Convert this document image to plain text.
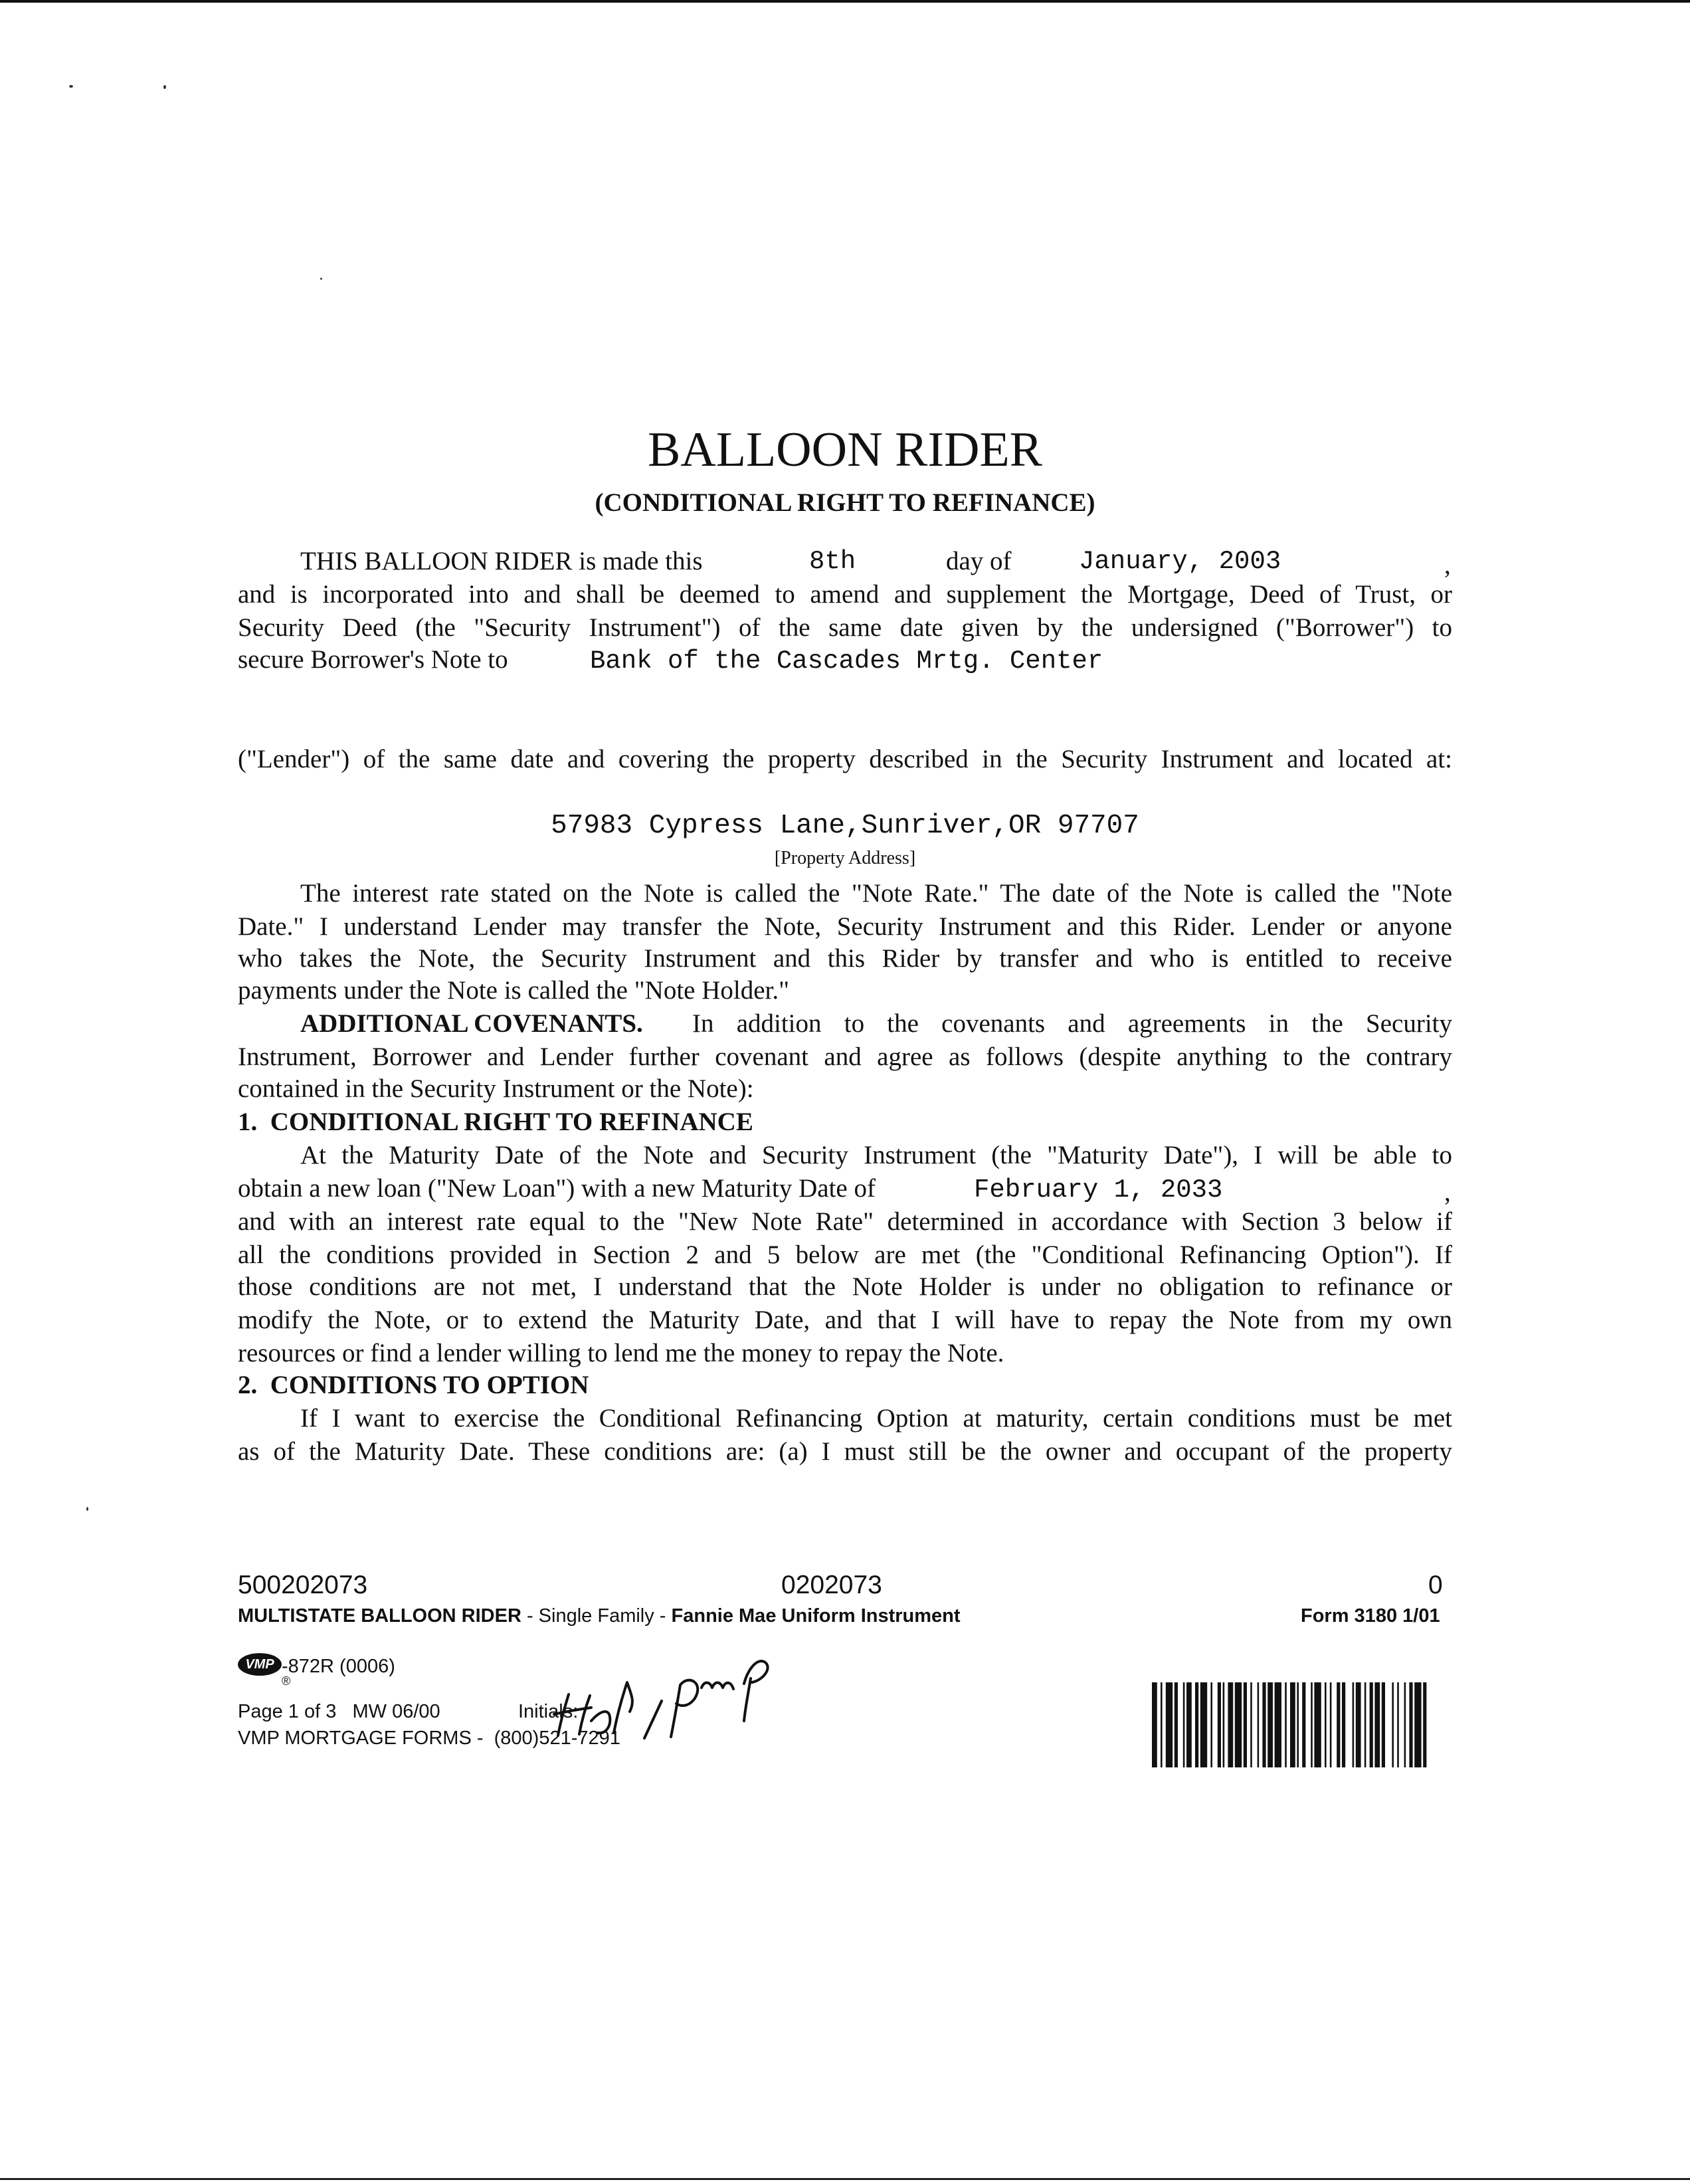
BALLOON RIDER
(CONDITIONAL RIGHT TO REFINANCE)
THIS BALLOON RIDER is made this	8th	day of	January, 2003	,
and is incorporated into and shall be deemed to amend and supplement the Mortgage, Deed of Trust, or
Security Deed (the "Security Instrument") of the same date given by the undersigned ("Borrower") to
secure Borrower's Note to	Bank of the Cascades Mrtg. Center
("Lender") of the same date and covering the property described in the Security Instrument and located at:
57983 Cypress Lane,Sunriver,OR 97707
[Property Address]
The interest rate stated on the Note is called the "Note Rate." The date of the Note is called the "Note
Date." I understand Lender may transfer the Note, Security Instrument and this Rider. Lender or anyone
who takes the Note, the Security Instrument and this Rider by transfer and who is entitled to receive
payments under the Note is called the "Note Holder."
ADDITIONAL COVENANTS. In addition to the covenants and agreements in the Security
Instrument, Borrower and Lender further covenant and agree as follows (despite anything to the contrary
contained in the Security Instrument or the Note):
1.  CONDITIONAL RIGHT TO REFINANCE
At the Maturity Date of the Note and Security Instrument (the "Maturity Date"), I will be able to
obtain a new loan ("New Loan") with a new Maturity Date of	February 1, 2033	,
and with an interest rate equal to the "New Note Rate" determined in accordance with Section 3 below if
all the conditions provided in Section 2 and 5 below are met (the "Conditional Refinancing Option"). If
those conditions are not met, I understand that the Note Holder is under no obligation to refinance or
modify the Note, or to extend the Maturity Date, and that I will have to repay the Note from my own
resources or find a lender willing to lend me the money to repay the Note.
2.  CONDITIONS TO OPTION
If I want to exercise the Conditional Refinancing Option at maturity, certain conditions must be met
as of the Maturity Date. These conditions are: (a) I must still be the owner and occupant of the property
500202073	0202073	0
MULTISTATE BALLOON RIDER - Single Family - Fannie Mae Uniform Instrument	Form 3180 1/01
VMP
®
-872R (0006)
Page 1 of 3   MW 06/00	Initials:
VMP MORTGAGE FORMS -  (800)521-7291
